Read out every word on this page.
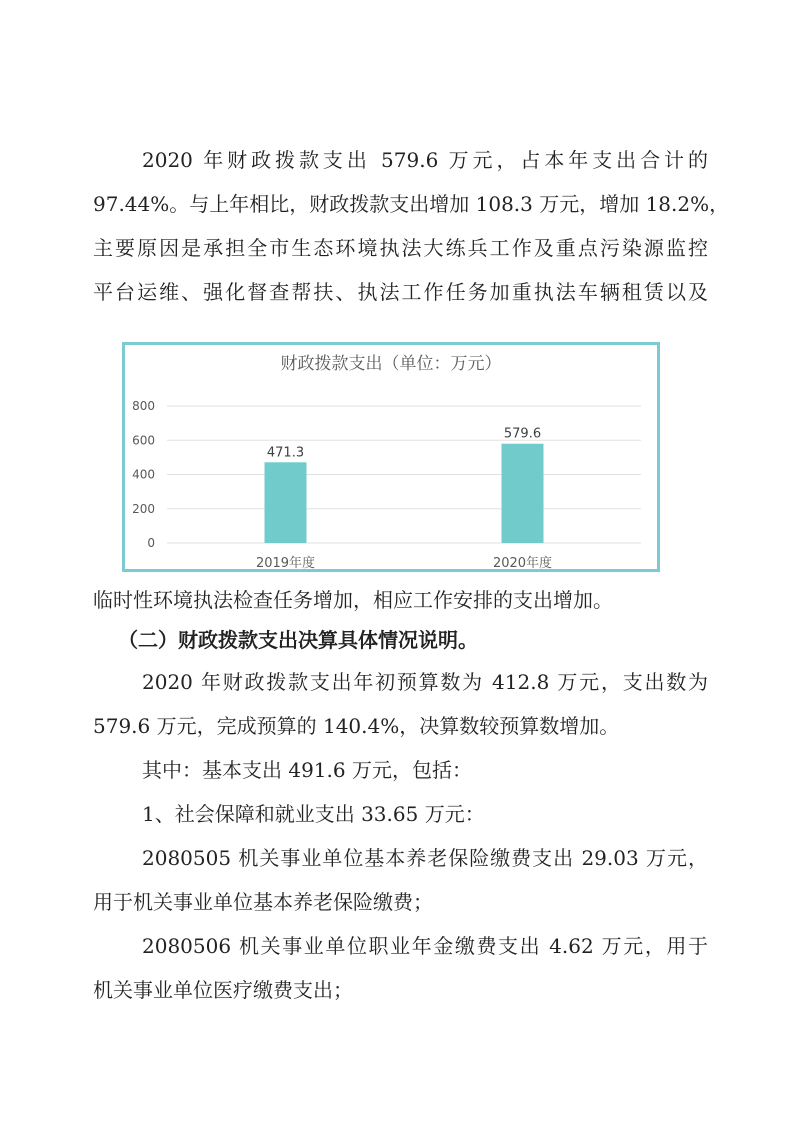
2020 年财政拨款支出 579.6 万元，占本年支出合计的
97.44%。与上年相比，财政拨款支出增加 108.3 万元，增加 18.2%，
主要原因是承担全市生态环境执法大练兵工作及重点污染源监控
平台运维、强化督查帮扶、执法工作任务加重执法车辆租赁以及
财政拨款支出（单位：万元）
0
200
400
600
800
471.3
2019年度
579.6
2020年度
临时性环境执法检查任务增加，相应工作安排的支出增加。
（二）财政拨款支出决算具体情况说明。
2020 年财政拨款支出年初预算数为 412.8 万元，支出数为
579.6 万元，完成预算的 140.4%，决算数较预算数增加。
其中：基本支出 491.6 万元，包括：
1、社会保障和就业支出 33.65 万元：
2080505 机关事业单位基本养老保险缴费支出 29.03 万元，
用于机关事业单位基本养老保险缴费；
2080506 机关事业单位职业年金缴费支出 4.62 万元，用于
机关事业单位医疗缴费支出；
